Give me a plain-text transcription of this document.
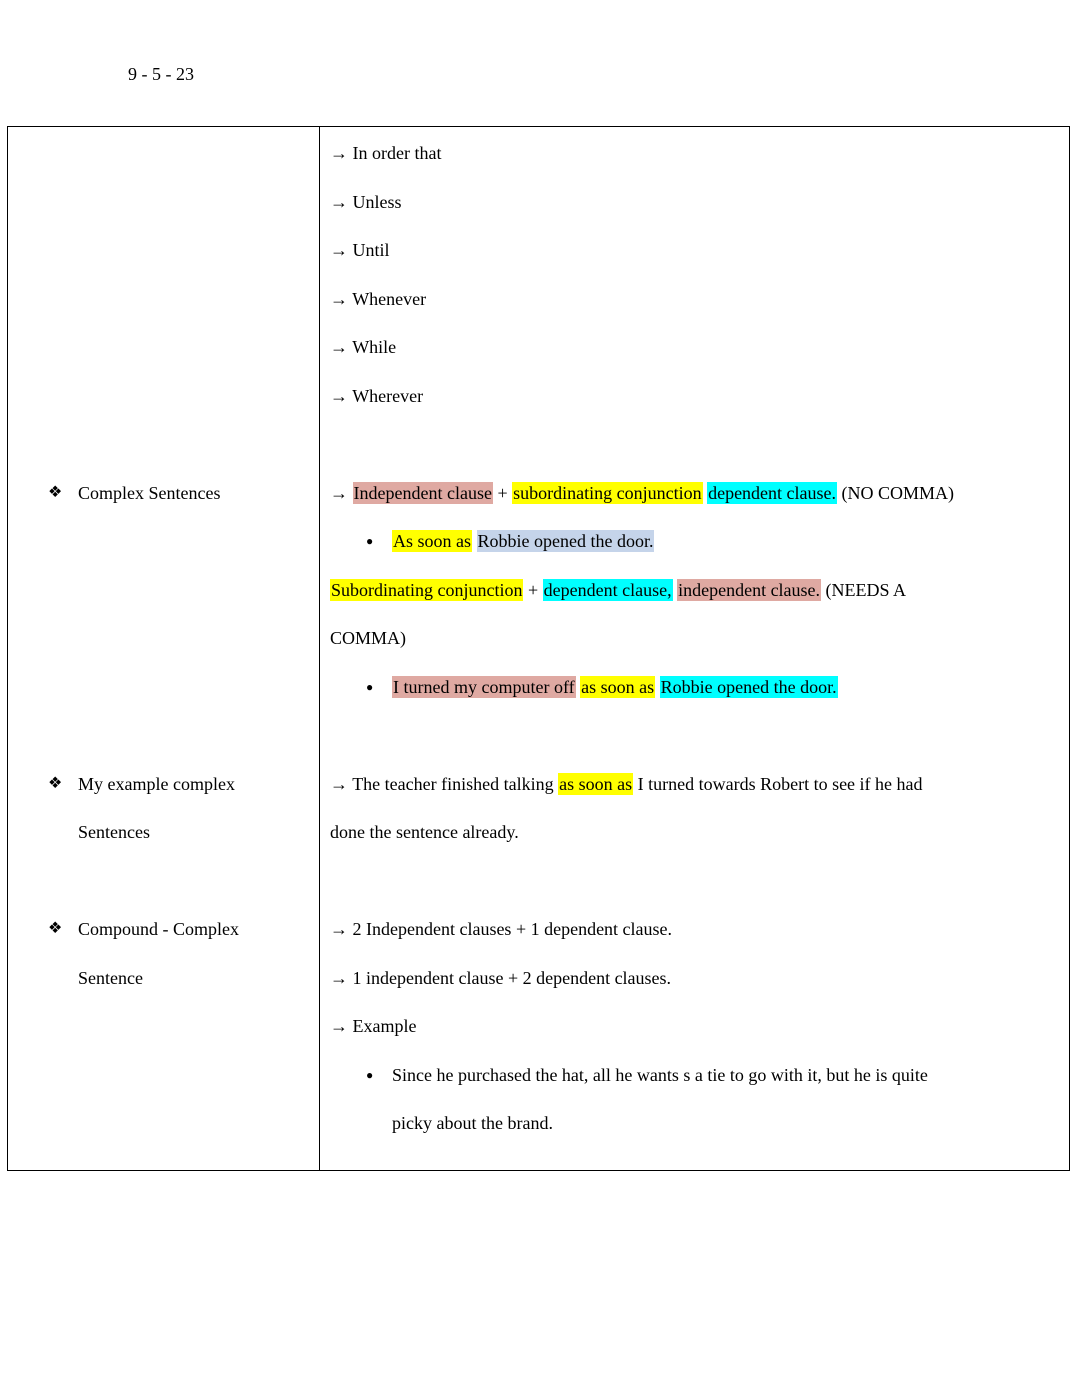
9 - 5 - 23
→ In order that
→ Unless
→ Until
→ Whenever
→ While
→ Wherever

❖ Complex Sentences	→ Independent clause + subordinating conjunction dependent clause. (NO COMMA)
● As soon as Robbie opened the door.
Subordinating conjunction + dependent clause, independent clause. (NEEDS A
COMMA)
● I turned my computer off as soon as Robbie opened the door.

❖ My example complex
Sentences
→ The teacher finished talking as soon as I turned towards Robert to see if he had
done the sentence already.

❖ Compound - Complex
Sentence
→ 2 Independent clauses + 1 dependent clause.
→ 1 independent clause + 2 dependent clauses.
→ Example
● Since he purchased the hat, all he wants s a tie to go with it, but he is quite
picky about the brand.
